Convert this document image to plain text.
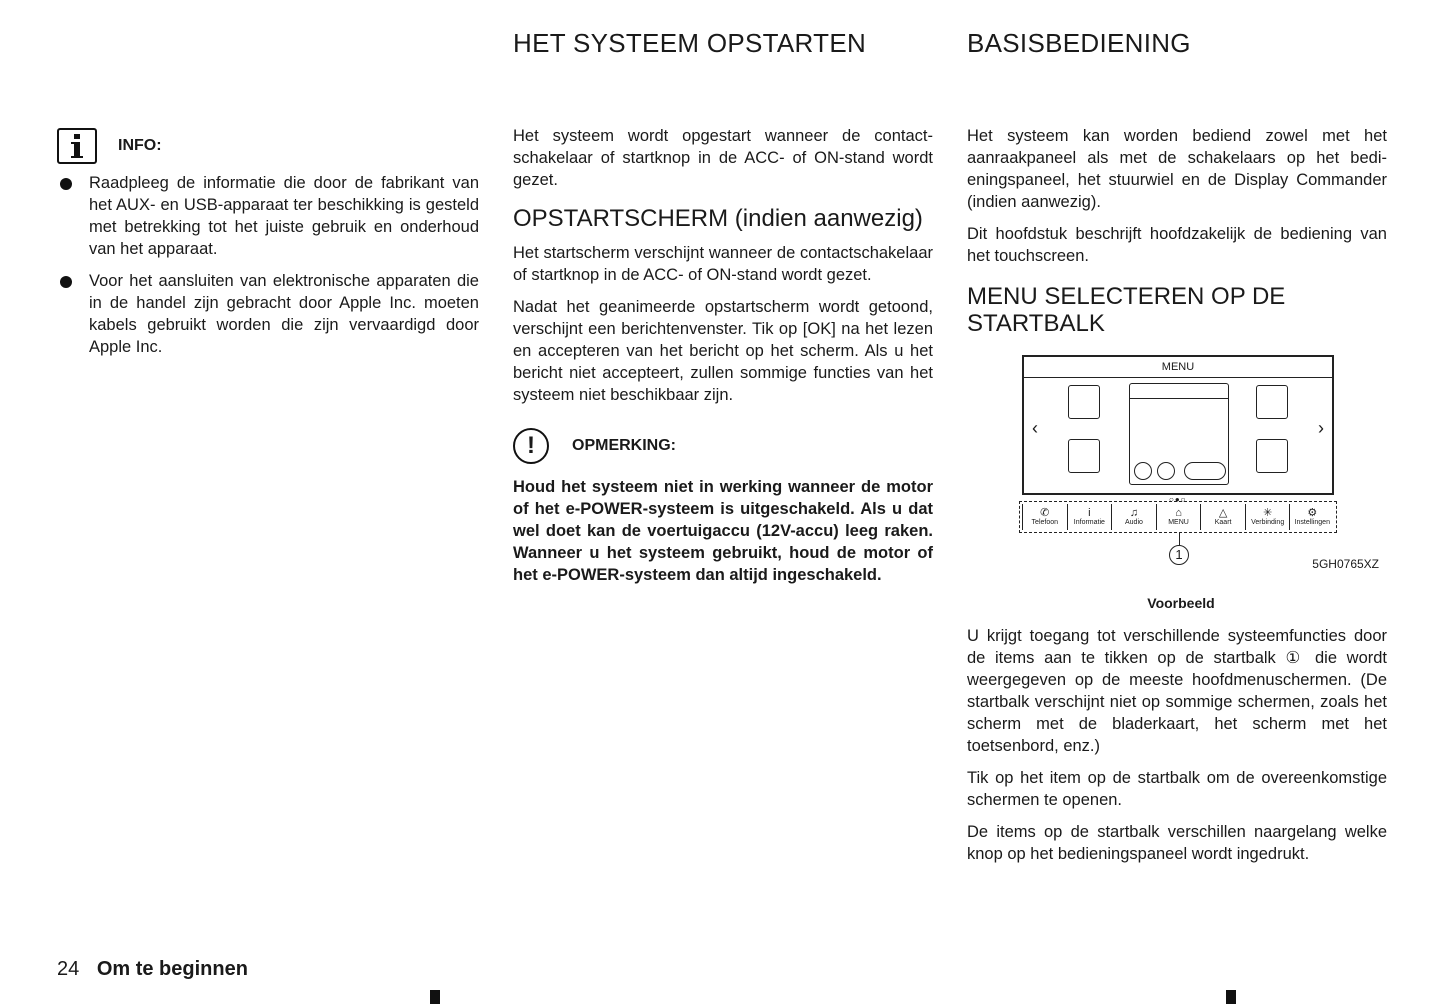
INFO:
Raadpleeg de informatie die door de fabrikant van het AUX- en USB-apparaat ter beschikking is gesteld met betrekking tot het juiste gebruik en onderhoud van het apparaat.
Voor het aansluiten van elektronische apparaten die in de handel zijn gebracht door Apple Inc. moeten kabels gebruikt worden die zijn vervaardigd door Apple Inc.
HET SYSTEEM OPSTARTEN

Het systeem wordt opgestart wanneer de contactschakelaar of startknop in de ACC- of ON-stand wordt gezet.

OPSTARTSCHERM (indien aanwezig)

Het startscherm verschijnt wanneer de contactschakelaar of startknop in de ACC- of ON-stand wordt gezet.

Nadat het geanimeerde opstartscherm wordt getoond, verschijnt een berichtenvenster. Tik op [OK] na het lezen en accepteren van het bericht op het scherm. Als u het bericht niet accepteert, zullen sommige functies van het systeem niet beschikbaar zijn.

!	OPMERKING:

Houd het systeem niet in werking wanneer de motor of het e-POWER-systeem is uitgeschakeld. Als u dat wel doet kan de voertuigaccu (12V-accu) leeg raken. Wanneer u het systeem gebruikt, houd de motor of het e-POWER-systeem dan altijd ingeschakeld.

BASISBEDIENING

Het systeem kan worden bediend zowel met het aanraakpaneel als met de schakelaars op het bedieningspaneel, het stuurwiel en de Display Commander (indien aanwezig).

Dit hoofdstuk beschrijft hoofdzakelijk de bediening van het touchscreen.

MENU SELECTEREN OP DE STARTBALK
MENU
‹	›
○●○
✆
Telefoon
i
Informatie
♫
Audio
⌂
MENU
△
Kaart
✳
Verbinding
⚙
Instellingen
1
5GH0765XZ
Voorbeeld

U krijgt toegang tot verschillende systeemfuncties door de items aan te tikken op de startbalk ① die wordt weergegeven op de meeste hoofdmenuschermen. (De startbalk verschijnt niet op sommige schermen, zoals het scherm met de bladerkaart, het scherm met het toetsenbord, enz.)

Tik op het item op de startbalk om de overeenkomstige schermen te openen.

De items op de startbalk verschillen naargelang welke knop op het bedieningspaneel wordt ingedrukt.

24 Om te beginnen
